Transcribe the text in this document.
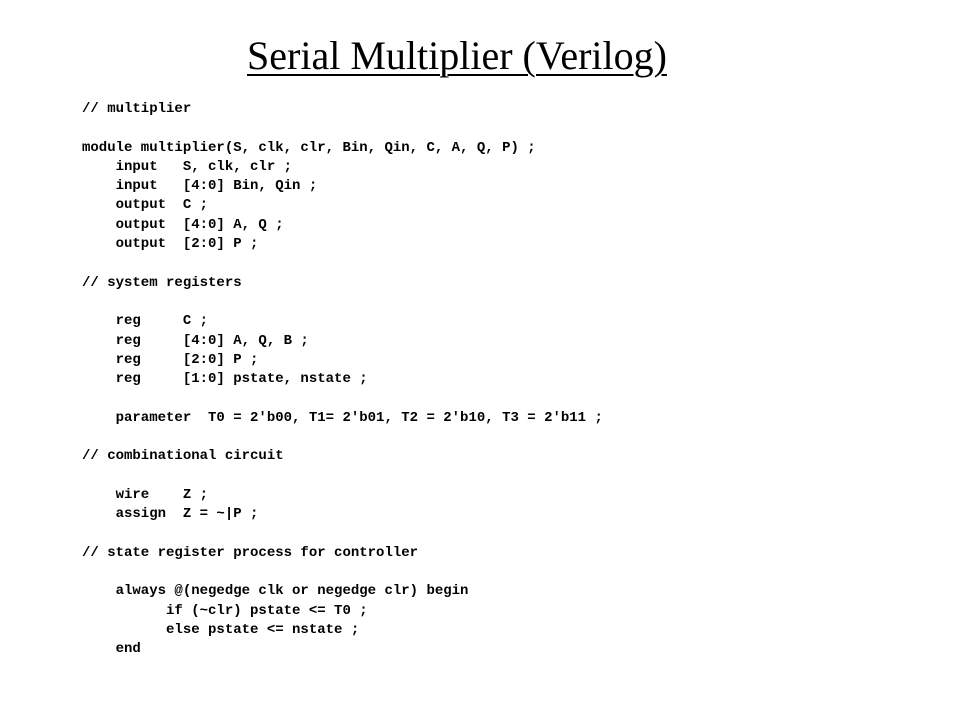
Serial Multiplier (Verilog)
// multiplier
module multiplier(S, clk, clr, Bin, Qin, C, A, Q, P) ;
input   S, clk, clr ;
input   [4:0] Bin, Qin ;
output  C ;
output  [4:0] A, Q ;
output  [2:0] P ;
// system registers
reg     C ;
reg     [4:0] A, Q, B ;
reg     [2:0] P ;
reg     [1:0] pstate, nstate ;
parameter  T0 = 2'b00, T1= 2'b01, T2 = 2'b10, T3 = 2'b11 ;
// combinational circuit
wire    Z ;
assign  Z = ~|P ;
// state register process for controller
always @(negedge clk or negedge clr) begin
if (~clr) pstate <= T0 ;
else pstate <= nstate ;
end
